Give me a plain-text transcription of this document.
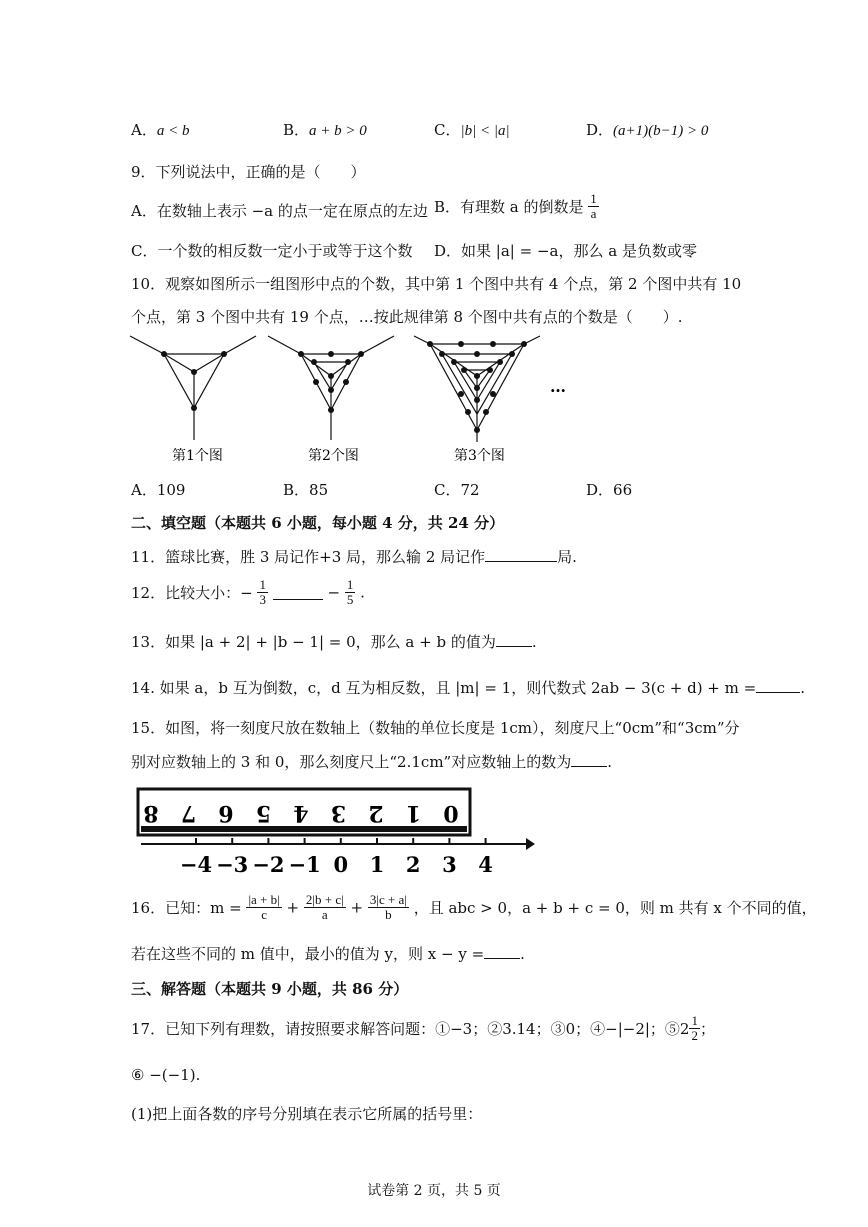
A．a < b	B．a + b > 0	C．|b| < |a|	D．(a+1)(b−1) > 0
9．下列说法中，正确的是（　　）
A．在数轴上表示 −a 的点一定在原点的左边 B．有理数 a 的倒数是 $\frac{1}{a}$
C．一个数的相反数一定小于或等于这个数 D．如果 |a| = −a，那么 a 是负数或零
10．观察如图所示一组图形中点的个数，其中第 1 个图中共有 4 个点，第 2 个图中共有 10
个点，第 3 个图中共有 19 个点，…按此规律第 8 个图中共有点的个数是（　　）.
第1个图	第2个图	第3个图
…
A．109	B．85	C．72	D．66
二、填空题（本题共 6 小题，每小题 4 分，共 24 分）
11．篮球比赛，胜 3 局记作+3 局，那么输 2 局记作	局.
12．比较大小：− $\frac{1}{3}$	− $\frac{1}{5}$ .
13．如果 |a + 2| + |b − 1| = 0，那么 a + b 的值为 .
14. 如果 a，b 互为倒数，c，d 互为相反数，且 |m| = 1，则代数式 2ab − 3(c + d) + m =	.
15．如图，将一刻度尺放在数轴上（数轴的单位长度是 1cm），刻度尺上“0cm”和“3cm”分
别对应数轴上的 3 和 0，那么刻度尺上“2.1cm”对应数轴上的数为 .
8 7 6 5 4 3 2 1 0
−4 −3 −2 −1 0 1 2 3 4
16．已知：$m = \frac{|a + b|}{c} + \frac{2|b + c|}{a} + \frac{3|c + a|}{b}$ ，且 abc > 0，a + b + c = 0，则 m 共有 x 个不同的值，
若在这些不同的 m 值中，最小的值为 y，则 x − y = .
三、解答题（本题共 9 小题，共 86 分）
17．已知下列有理数，请按照要求解答问题：①−3；②3.14；③0；④−|−2|；⑤2 $\frac{1}{2}$ ；
⑥ −(−1).
(1)把上面各数的序号分别填在表示它所属的括号里：
试卷第 2 页，共 5 页
